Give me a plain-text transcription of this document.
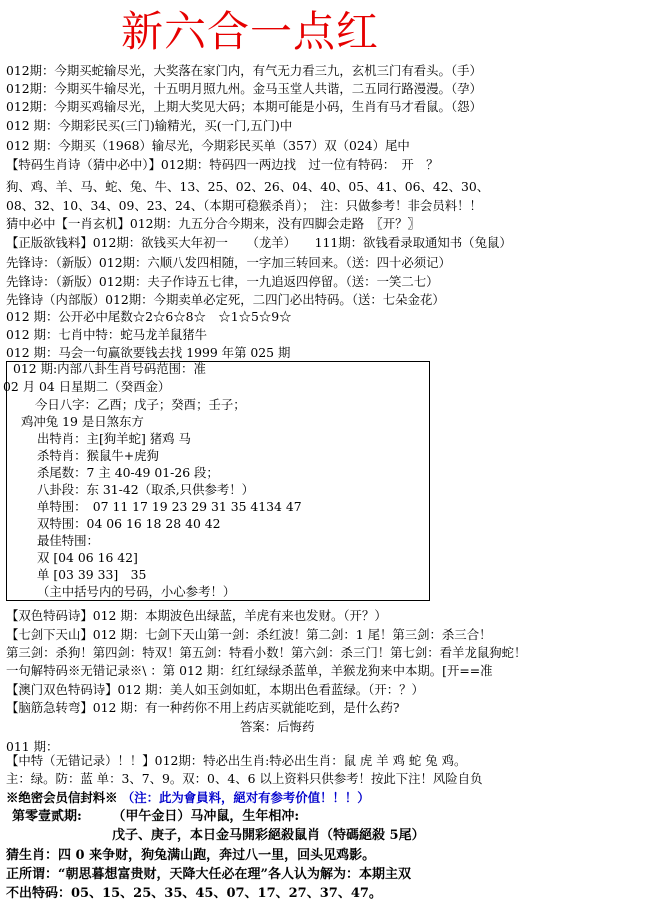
新六合一点红
012期：今期买蛇输尽光，大奖落在家门内，有气无力看三九，玄机三门有看头。（手）
012期：今期买牛输尽光，十五明月照九州。金马玉堂人共谐，二五同行路漫漫。（孕）
012期：今期买鸡输尽光，上期大奖见大码；本期可能是小码，生肖有马才看鼠。（怨）
012 期：今期彩民买(三门)输精光，买(一门,五门)中
012 期：今期买（1968）输尽光，今期彩民买单（357）双（024）尾中
【特码生肖诗（猜中必中）】012期：特码四一两边找　过一位有特码：　开　？
狗、鸡、羊、马、蛇、兔、牛、13、25、02、26、04、40、05、41、06、42、30、
08、32、10、34、09、23、24、（本期可稳猴杀肖）；　注：只做参考！非会员料！！
猜中必中【一肖玄机】012期：九五分合今期来，没有四脚会走路　〖开？〗
【正版欲钱料】012期：欲钱买大年初一　　（龙羊）　　111期：欲钱看录取通知书（兔鼠）
先锋诗：（新版）012期：六顺八发四相随，一字加三转回来。（送：四十必须记）
先锋诗：（新版）012期：夫子作诗五七律，一九追返四停留。（送：一笑二七）
先锋诗（内部版）012期：今期卖单必定死，二四门必出特码。（送：七朵金花）
012 期：公开必中尾数☆2☆6☆8☆　☆1☆5☆9☆
012 期：七肖中特：蛇马龙羊鼠猪牛
012 期：马会一句赢欲要钱去找 1999 年第 025 期
012 期:内部八卦生肖号码范围：准
02 月 04 日星期二（癸酉金）
今日八字：乙酉；戊子；癸酉；壬子；
鸡冲兔 19 是日煞东方
出特肖：主[狗羊蛇] 猪鸡 马
杀特肖：猴鼠牛+虎狗
杀尾数：7 主 40-49 01-26 段；
八卦段：东 31-42（取杀,只供参考！）
单特围：　07 11 17 19 23 29 31 35 4134 47
双特围：04 06 16 18 28 40 42
最佳特围：
双 [04 06 16 42]
单 [03 39 33]　35
（主中括号内的号码，小心参考！）
【双色特码诗】012 期：本期波色出绿蓝，羊虎有来也发财。（开？）
【七剑下天山】012 期：七剑下天山第一剑：杀红波！第二剑：1 尾！第三剑：杀三合！
第三剑：杀狗！第四剑：特双！第五剑：特看小数！第六剑：杀三门！第七剑：看羊龙鼠狗蛇！
一句解特码※无错记录※\ ：第 012 期：红红绿绿杀蓝单，羊猴龙狗来中本期。[开==准
【澳门双色特码诗】012 期：美人如玉剑如虹，本期出色看蓝绿。（开：？）
【脑筋急转弯】012 期：有一种药你不用上药店买就能吃到，是什么药?
答案：后悔药
011 期：
【中特（无错记录）！！】012期：特必出生肖:特必出生肖：鼠 虎 羊 鸡 蛇 兔 鸡。
主：绿。防：蓝 单：3、7、9。双：0、4、6 以上资料只供参考！按此下注！风险自负
※绝密会员信封料※ （注：此为會員料，絕对有参考价值！！！）
第零壹贰期: （甲午金日）马冲鼠，生年相冲:
戊子、庚子，本日金马開彩絕殺鼠肖（特碼絕殺 5尾）
猜生肖：四 0 来争财，狗兔满山跑，奔过八一里，回头见鸡影。
正所谓：“朝思暮想富贵财，天降大任必在理”各人认为解为：本期主双
不出特码：05、15、25、35、45、07、17、27、37、47。
